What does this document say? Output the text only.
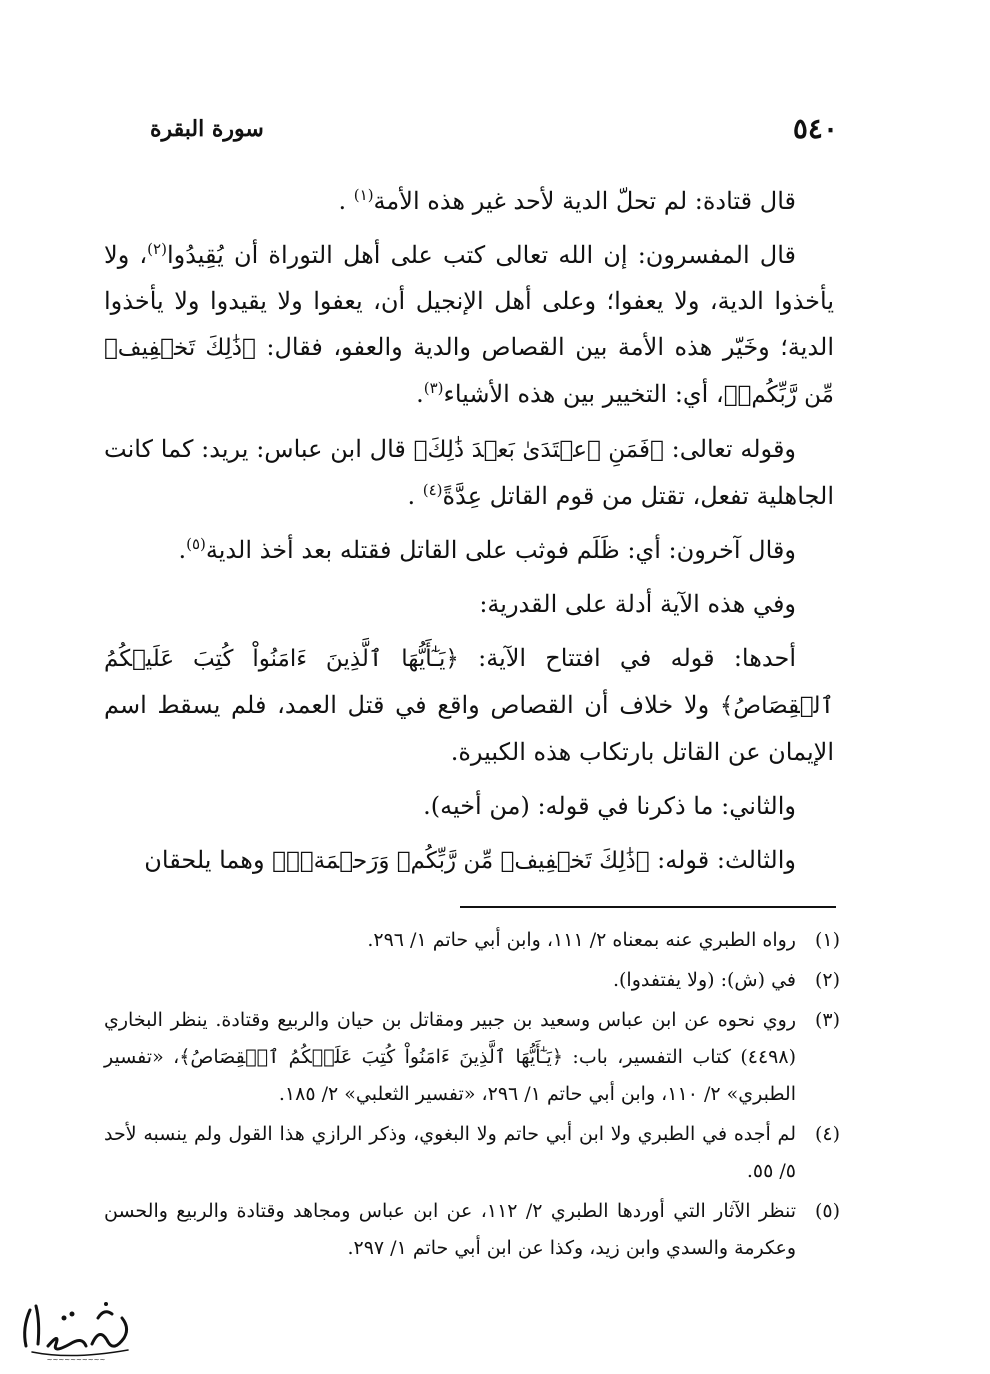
٥٤٠
سورة البقرة

قال قتادة: لم تحلّ الدية لأحد غير هذه الأمة$^{(١)}$ .

قال المفسرون: إن الله تعالى كتب على أهل التوراة أن يُقِيدُوا$^{(٢)}$، ولا يأخذوا الدية، ولا يعفوا؛ وعلى أهل الإنجيل أن، يعفوا ولا يقيدوا ولا يأخذوا الدية؛ وخَيّر هذه الأمة بين القصاص والدية والعفو، فقال: ﴿ذَٰلِكَ تَخۡفِيفٞ مِّن رَّبِّكُمۡ﴾، أي: التخيير بين هذه الأشياء$^{(٣)}$.

وقوله تعالى: ﴿فَمَنِ ٱعۡتَدَىٰ بَعۡدَ ذَٰلِكَ﴾ قال ابن عباس: يريد: كما كانت الجاهلية تفعل، تقتل من قوم القاتل عِدَّةً$^{(٤)}$ .

وقال آخرون: أي: ظَلَم فوثب على القاتل فقتله بعد أخذ الدية$^{(٥)}$.

وفي هذه الآية أدلة على القدرية:

أحدها: قوله في افتتاح الآية: ﴿يَـٰٓأَيُّهَا ٱلَّذِينَ ءَامَنُواْ كُتِبَ عَلَيۡكُمُ ٱلۡقِصَاصُ﴾ ولا خلاف أن القصاص واقع في قتل العمد، فلم يسقط اسم الإيمان عن القاتل بارتكاب هذه الكبيرة.

والثاني: ما ذكرنا في قوله: (من أخيه).

والثالث: قوله: ﴿ذَٰلِكَ تَخۡفِيفٞ مِّن رَّبِّكُمۡ وَرَحۡمَةٞۗ﴾ وهما يلحقان

(١)
رواه الطبري عنه بمعناه ٢/ ١١١، وابن أبي حاتم ١/ ٢٩٦.
(٢)
في (ش): (ولا يفتفدوا).
(٣)
روي نحوه عن ابن عباس وسعيد بن جبير ومقاتل بن حيان والربيع وقتادة. ينظر البخاري (٤٤٩٨) كتاب التفسير، باب: ﴿يَـٰٓأَيُّهَا ٱلَّذِينَ ءَامَنُواْ كُتِبَ عَلَيۡكُمُ ٱلۡقِصَاصُ﴾، «تفسير الطبري» ٢/ ١١٠، وابن أبي حاتم ١/ ٢٩٦، «تفسير الثعلبي» ٢/ ١٨٥.
(٤)
لم أجده في الطبري ولا ابن أبي حاتم ولا البغوي، وذكر الرازي هذا القول ولم ينسبه لأحد ٥/ ٥٥.
(٥)
تنظر الآثار التي أوردها الطبري ٢/ ١١٢، عن ابن عباس ومجاهد وقتادة والربيع والحسن وعكرمة والسدي وابن زيد، وكذا عن ابن أبي حاتم ١/ ٢٩٧.
~~~~~~~~~~
